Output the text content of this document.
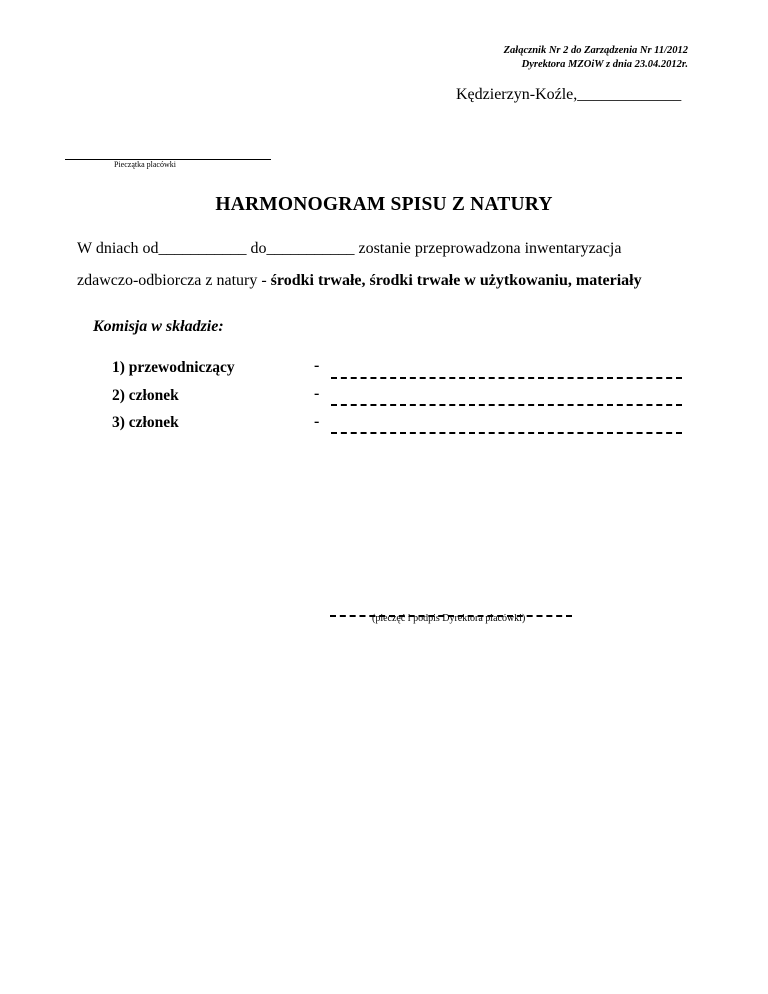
Załącznik Nr 2 do Zarządzenia Nr 11/2012
Dyrektora MZOiW z dnia 23.04.2012r.
Kędzierzyn-Koźle,_____________
Pieczątka placówki
HARMONOGRAM SPISU Z NATURY
W dniach od___________ do___________ zostanie przeprowadzona inwentaryzacja
zdawczo-odbiorcza z natury - środki trwałe, środki trwałe w użytkowaniu, materiały
Komisja w składzie:
1) przewodniczący	-
2) członek	-
3) członek	-
(pieczęć i podpis Dyrektora placówki)
